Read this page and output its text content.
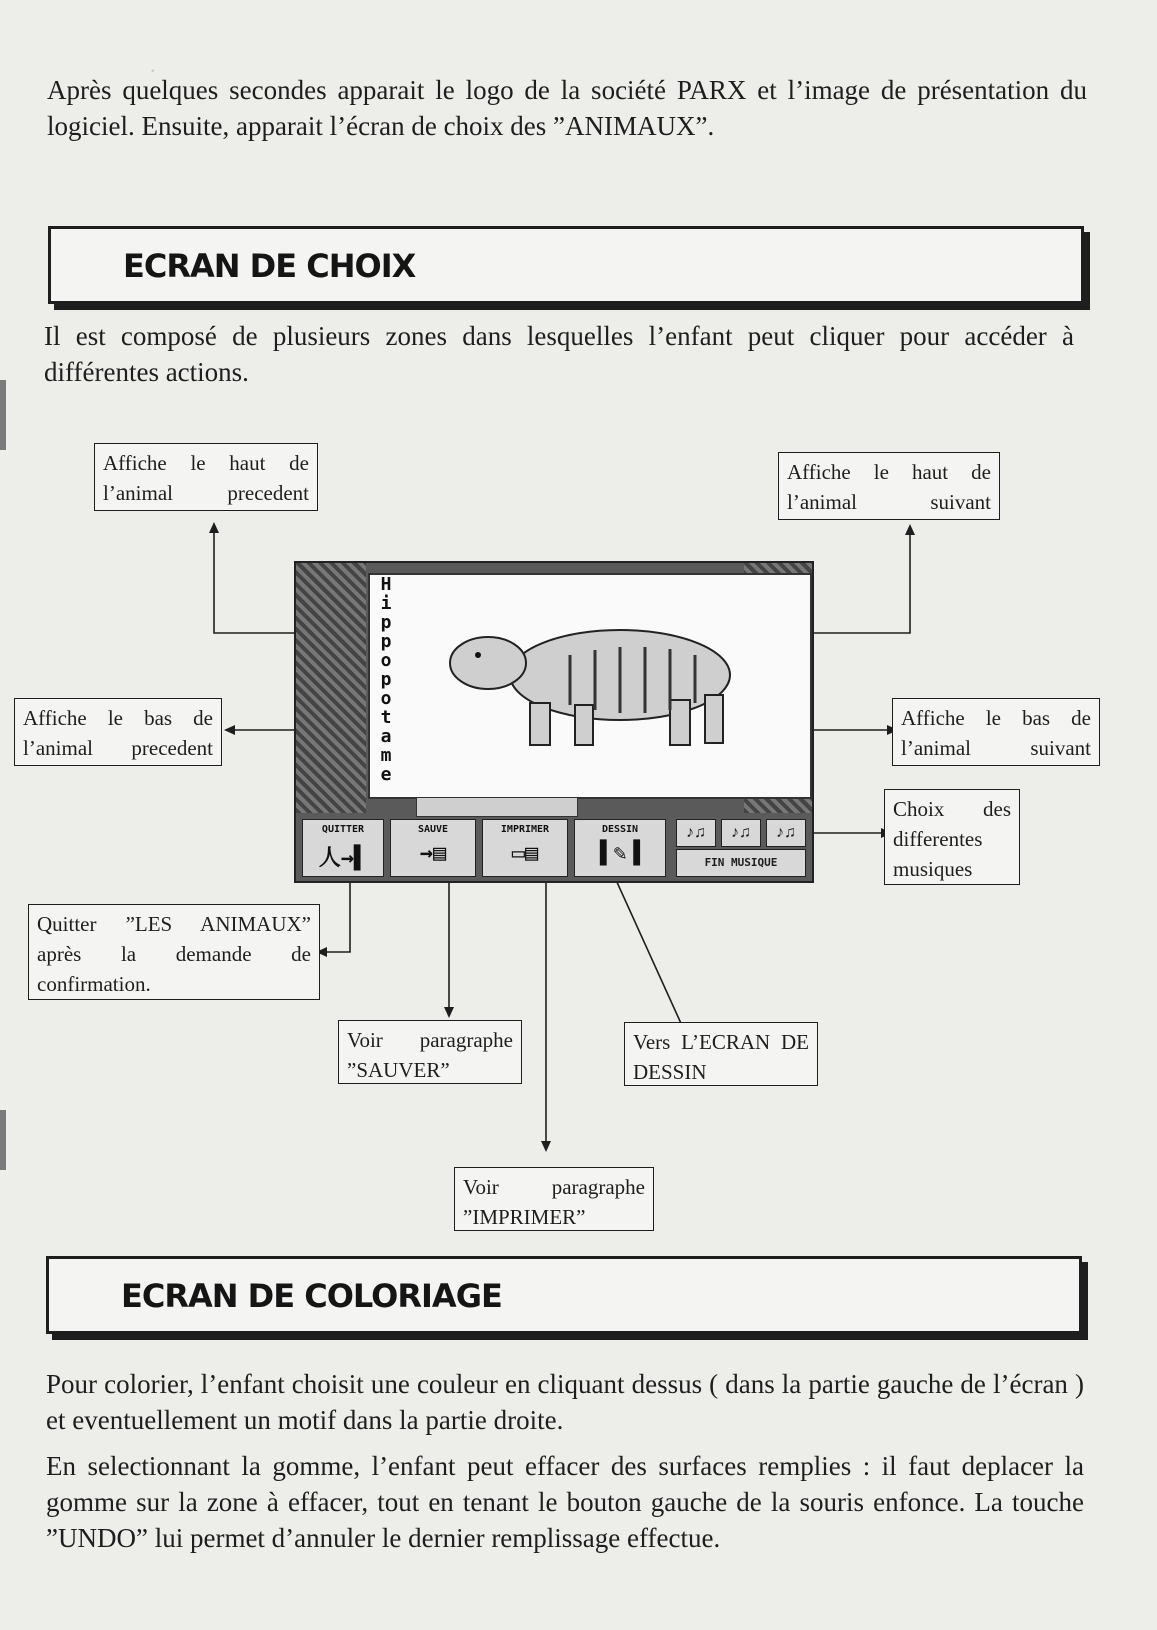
.

Après quelques secondes apparait le logo de la société PARX et l’image de présentation du logiciel. Ensuite, apparait l’écran de choix des ”ANIMAUX”.

ECRAN DE CHOIX

Il est composé de plusieurs zones dans lesquelles l’enfant peut cliquer pour accéder à différentes actions.

Hippopotame
QUITTER
人→▌
SAUVE
→▤
IMPRIMER
▭▤
DESSIN
▌✎▐
♪♫	♪♫	♪♫
FIN MUSIQUE
Affiche le haut de l’animal precedent
Affiche le haut de l’animal suivant
Affiche le bas de l’animal precedent
Affiche le bas de l’animal suivant
Choix des differentes musiques
Quitter ”LES ANIMAUX” après la demande de confirmation.
Voir paragraphe ”SAUVER”
Vers L’ECRAN DE DESSIN
Voir paragraphe ”IMPRIMER”
ECRAN DE COLORIAGE

Pour colorier, l’enfant choisit une couleur en cliquant dessus ( dans la partie gauche de l’écran ) et eventuellement un motif dans la partie droite.

En selectionnant la gomme, l’enfant peut effacer des surfaces remplies : il faut deplacer la gomme sur la zone à effacer, tout en tenant le bouton gauche de la souris enfonce. La touche ”UNDO” lui permet d’annuler le dernier remplissage effectue.
